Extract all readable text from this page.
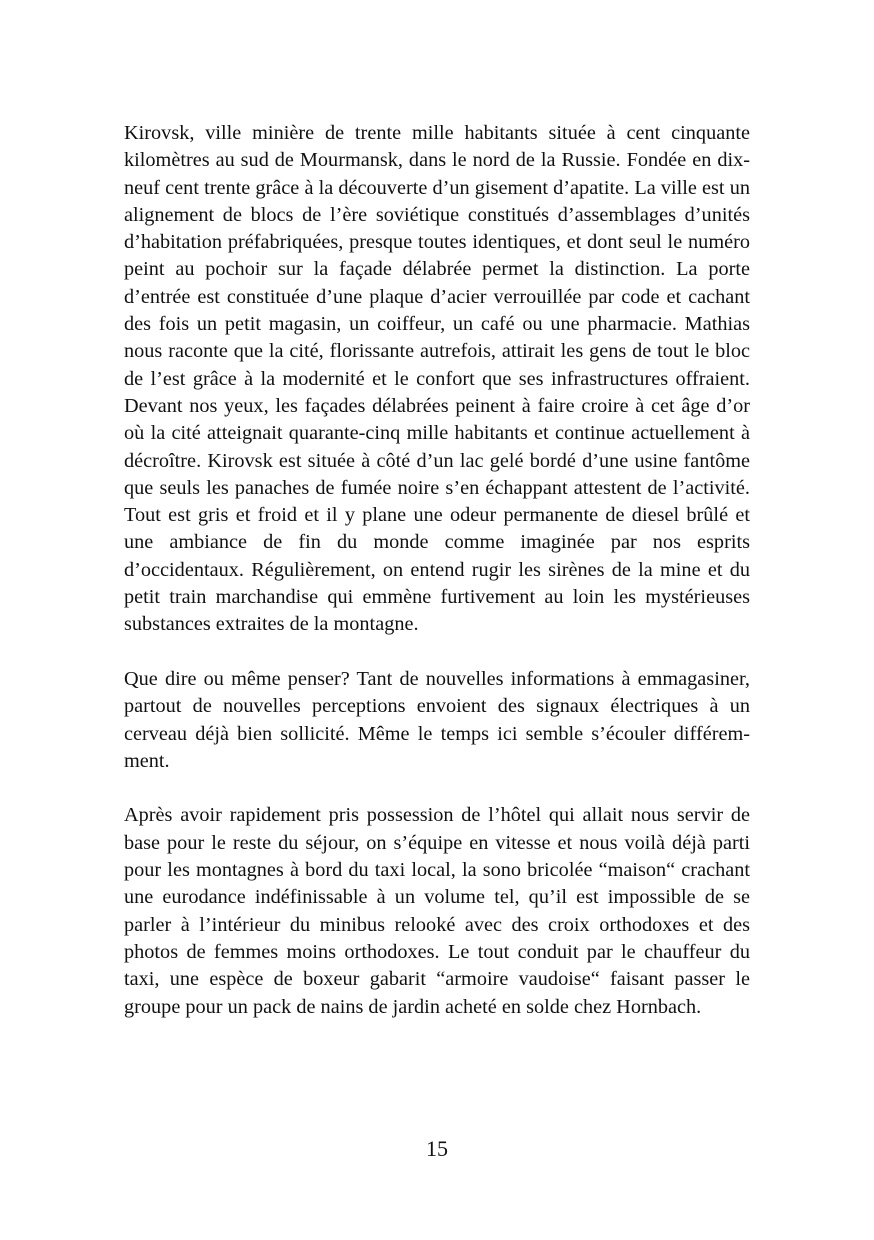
Kirovsk, ville minière de trente mille habitants située à cent cinquante kilomètres au sud de Mourmansk, dans le nord de la Russie. Fondée en dix-neuf cent trente grâce à la découverte d’un gisement d’apatite. La ville est un alignement de blocs de l’ère soviétique constitués d’assemblages d’unités d’habitation préfabriquées, presque toutes identiques, et dont seul le numéro peint au pochoir sur la façade délabrée permet la distinction. La porte d’entrée est constituée d’une plaque d’acier verrouillée par code et cachant des fois un petit magasin, un coiffeur, un café ou une pharmacie. Mathias nous raconte que la cité, florissante autrefois, attirait les gens de tout le bloc de l’est grâce à la modernité et le confort que ses infrastructures offraient. Devant nos yeux, les façades délabrées peinent à faire croire à cet âge d’or où la cité atteignait quarante-cinq mille habitants et continue actuellement à décroître. Kirovsk est située à côté d’un lac gelé bordé d’une usine fantôme que seuls les panaches de fumée noire s’en échappant attestent de l’activité. Tout est gris et froid et il y plane une odeur permanente de diesel brûlé et une ambiance de fin du monde comme imaginée par nos esprits d’occidentaux. Régulièrement, on entend rugir les sirènes de la mine et du petit train marchandise qui emmène furtivement au loin les mystérieuses substances extraites de la montagne.

Que dire ou même penser? Tant de nouvelles informations à emmagasiner, partout de nouvelles perceptions envoient des signaux électriques à un cerveau déjà bien sollicité. Même le temps ici semble s’écouler différemment.

Après avoir rapidement pris possession de l’hôtel qui allait nous servir de base pour le reste du séjour, on s’équipe en vitesse et nous voilà déjà parti pour les montagnes à bord du taxi local, la sono bricolée “maison“ crachant une eurodance indéfinissable à un volume tel, qu’il est impossible de se parler à l’intérieur du minibus relooké avec des croix orthodoxes et des photos de femmes moins orthodoxes. Le tout conduit par le chauffeur du taxi, une espèce de boxeur gabarit “armoire vaudoise“ faisant passer le groupe pour un pack de nains de jardin acheté en solde chez Hornbach.

15
